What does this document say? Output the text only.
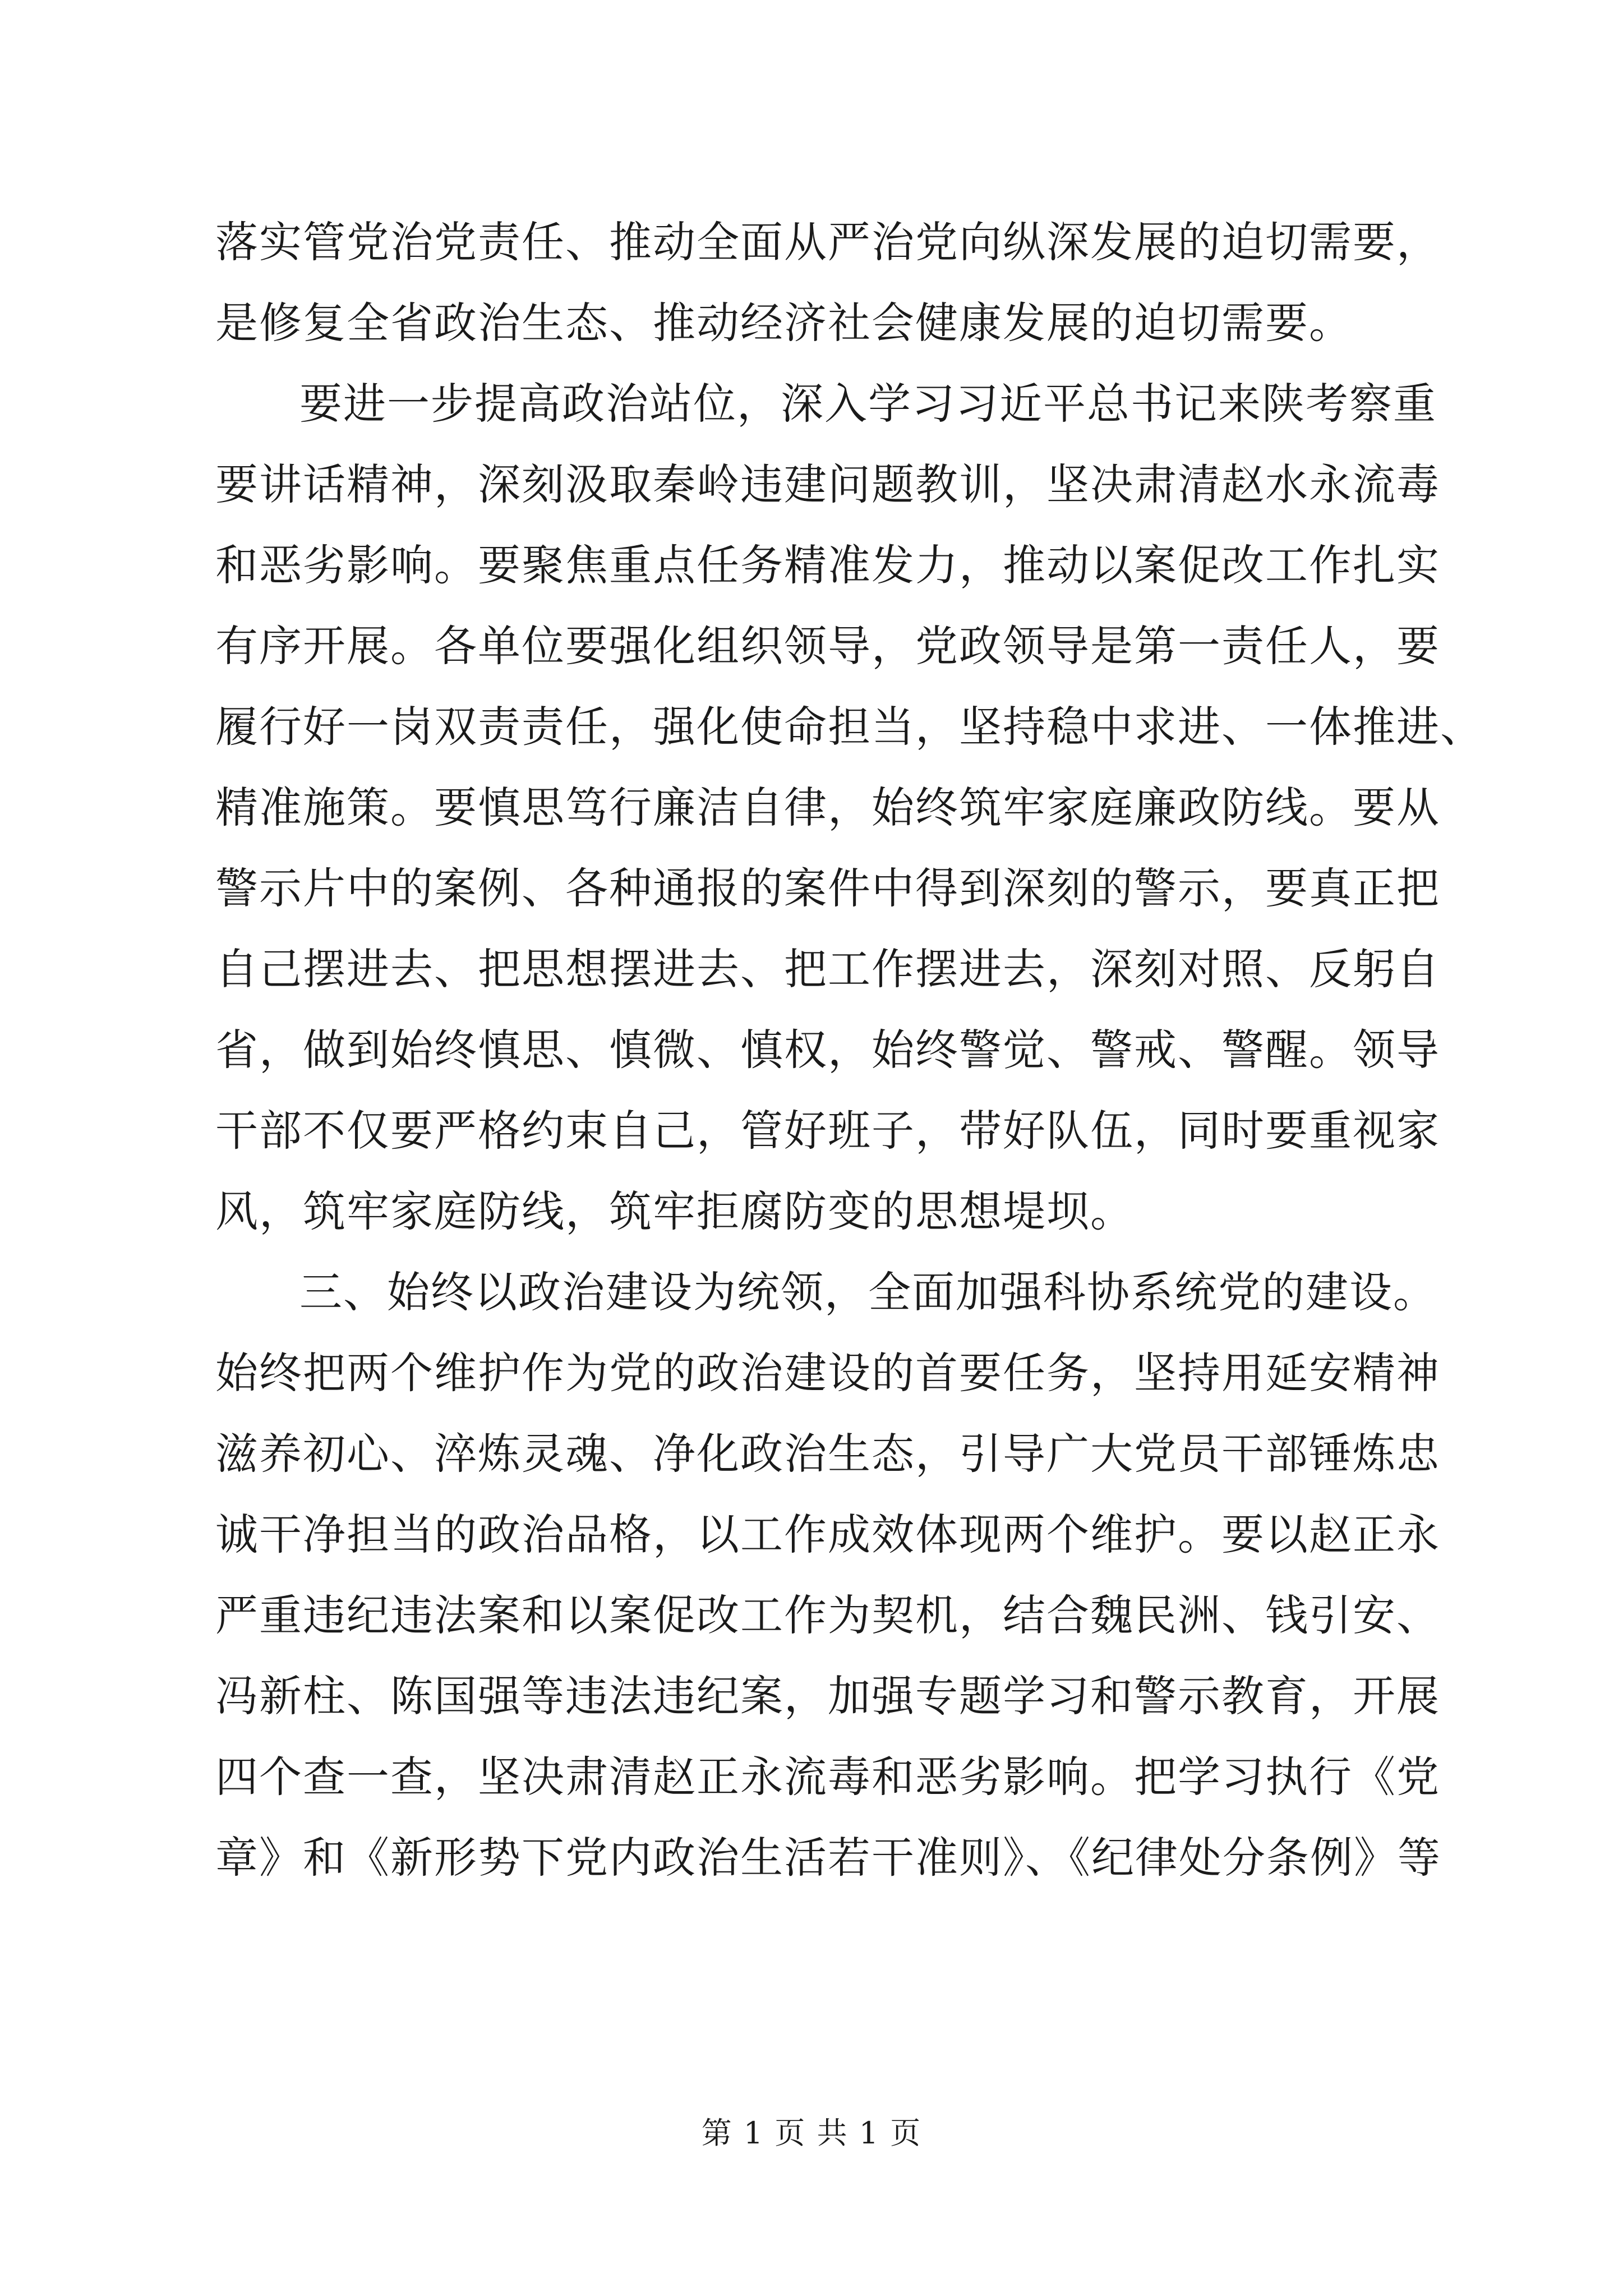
落实管党治党责任、推动全面从严治党向纵深发展的迫切需要，
是修复全省政治生态、推动经济社会健康发展的迫切需要。
要进一步提高政治站位，深入学习习近平总书记来陕考察重
要讲话精神，深刻汲取秦岭违建问题教训，坚决肃清赵水永流毒
和恶劣影响。要聚焦重点任务精准发力，推动以案促改工作扎实
有序开展。各单位要强化组织领导，党政领导是第一责任人，要
履行好一岗双责责任，强化使命担当，坚持稳中求进、一体推进、
精准施策。要慎思笃行廉洁自律，始终筑牢家庭廉政防线。要从
警示片中的案例、各种通报的案件中得到深刻的警示，要真正把
自己摆进去、把思想摆进去、把工作摆进去，深刻对照、反躬自
省，做到始终慎思、慎微、慎权，始终警觉、警戒、警醒。领导
干部不仅要严格约束自己，管好班子，带好队伍，同时要重视家
风，筑牢家庭防线，筑牢拒腐防变的思想堤坝。
三、始终以政治建设为统领，全面加强科协系统党的建设。
始终把两个维护作为党的政治建设的首要任务，坚持用延安精神
滋养初心、淬炼灵魂、净化政治生态，引导广大党员干部锤炼忠
诚干净担当的政治品格，以工作成效体现两个维护。要以赵正永
严重违纪违法案和以案促改工作为契机，结合魏民洲、钱引安、
冯新柱、陈国强等违法违纪案，加强专题学习和警示教育，开展
四个查一查，坚决肃清赵正永流毒和恶劣影响。把学习执行《党
章》和《新形势下党内政治生活若干准则》、《纪律处分条例》等
第 1 页 共 1 页
